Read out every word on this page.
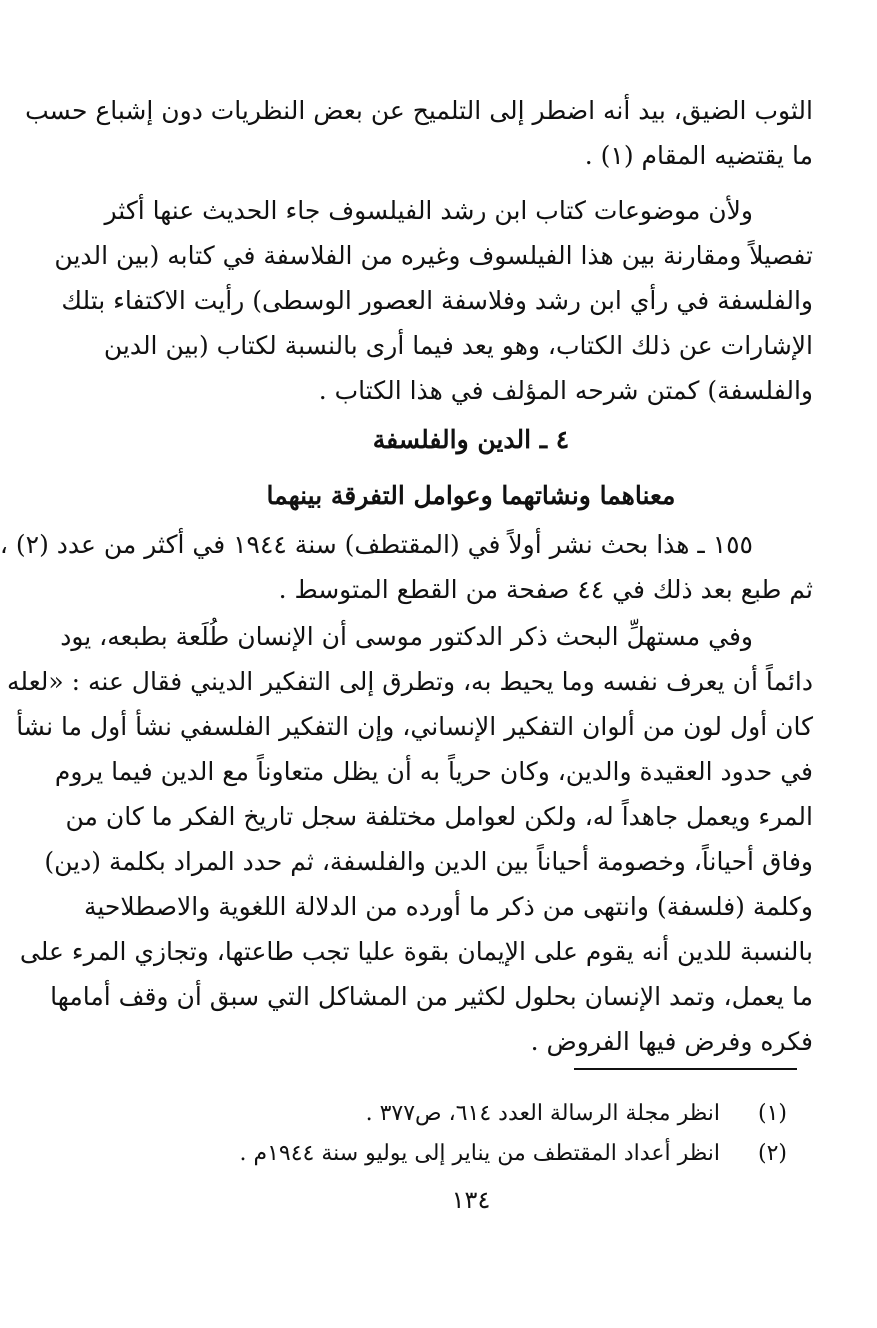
الثوب الضيق، بيد أنه اضطر إلى التلميح عن بعض النظريات دون إشباع حسب
ما يقتضيه المقام (١) .
ولأن موضوعات كتاب ابن رشد الفيلسوف جاء الحديث عنها أكثر
تفصيلاً ومقارنة بين هذا الفيلسوف وغيره من الفلاسفة في كتابه (بين الدين
والفلسفة في رأي ابن رشد وفلاسفة العصور الوسطى) رأيت الاكتفاء بتلك
الإشارات عن ذلك الكتاب، وهو يعد فيما أرى بالنسبة لكتاب (بين الدين
والفلسفة) كمتن شرحه المؤلف في هذا الكتاب .
٤ ـ الدين والفلسفة
معناهما ونشاتهما وعوامل التفرقة بينهما
١٥٥ ـ هذا بحث نشر أولاً في (المقتطف) سنة ١٩٤٤ في أكثر من عدد (٢) ،
ثم طبع بعد ذلك في ٤٤ صفحة من القطع المتوسط .
وفي مستهلِّ البحث ذكر الدكتور موسى أن الإنسان طُلَعة بطبعه، يود
دائماً أن يعرف نفسه وما يحيط به، وتطرق إلى التفكير الديني فقال عنه : «لعله
كان أول لون من ألوان التفكير الإنساني، وإن التفكير الفلسفي نشأ أول ما نشأ
في حدود العقيدة والدين، وكان حرياً به أن يظل متعاوناً مع الدين فيما يروم
المرء ويعمل جاهداً له، ولكن لعوامل مختلفة سجل تاريخ الفكر ما كان من
وفاق أحياناً، وخصومة أحياناً بين الدين والفلسفة، ثم حدد المراد بكلمة (دين)
وكلمة (فلسفة) وانتهى من ذكر ما أورده من الدلالة اللغوية والاصطلاحية
بالنسبة للدين أنه يقوم على الإيمان بقوة عليا تجب طاعتها، وتجازي المرء على
ما يعمل، وتمد الإنسان بحلول لكثير من المشاكل التي سبق أن وقف أمامها
فكره وفرض فيها الفروض .
(١) انظر مجلة الرسالة العدد ٦١٤، ص٣٧٧ .
(٢) انظر أعداد المقتطف من يناير إلى يوليو سنة ١٩٤٤م .
١٣٤
